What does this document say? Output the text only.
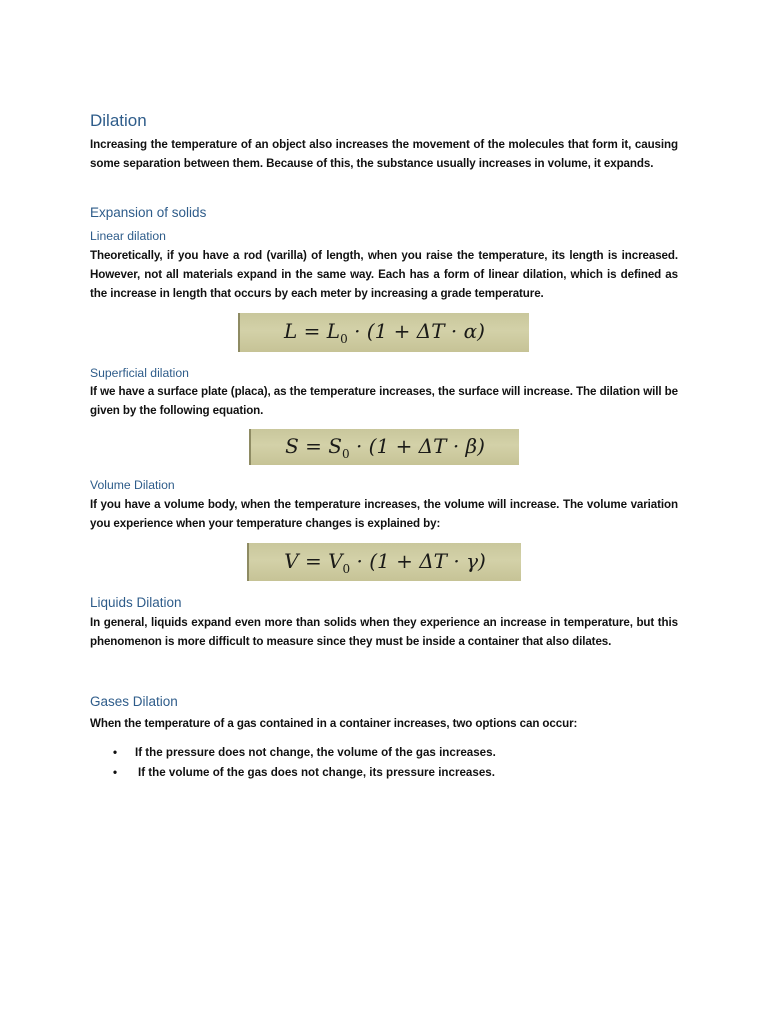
Dilation

Increasing the temperature of an object also increases the movement of the molecules that form it, causing some separation between them. Because of this, the substance usually increases in volume, it expands.

Expansion of solids
Linear dilation

Theoretically, if you have a rod (varilla) of length, when you raise the temperature, its length is increased. However, not all materials expand in the same way. Each has a form of linear dilation, which is defined as the increase in length that occurs by each meter by increasing a grade temperature.

$L = L_0 \cdot (1 + \Delta T \cdot \alpha)$
Superficial dilation

If we have a surface plate (placa), as the temperature increases, the surface will increase. The dilation will be given by the following equation.

$S = S_0 \cdot (1 + \Delta T \cdot \beta)$
Volume Dilation

If you have a volume body, when the temperature increases, the volume will increase. The volume variation you experience when your temperature changes is explained by:

$V = V_0 \cdot (1 + \Delta T \cdot \gamma)$
Liquids Dilation

In general, liquids expand even more than solids when they experience an increase in temperature, but this phenomenon is more difficult to measure since they must be inside a container that also dilates.

Gases Dilation

When the temperature of a gas contained in a container increases, two options can occur:

• If the pressure does not change, the volume of the gas increases.
• If the volume of the gas does not change, its pressure increases.
